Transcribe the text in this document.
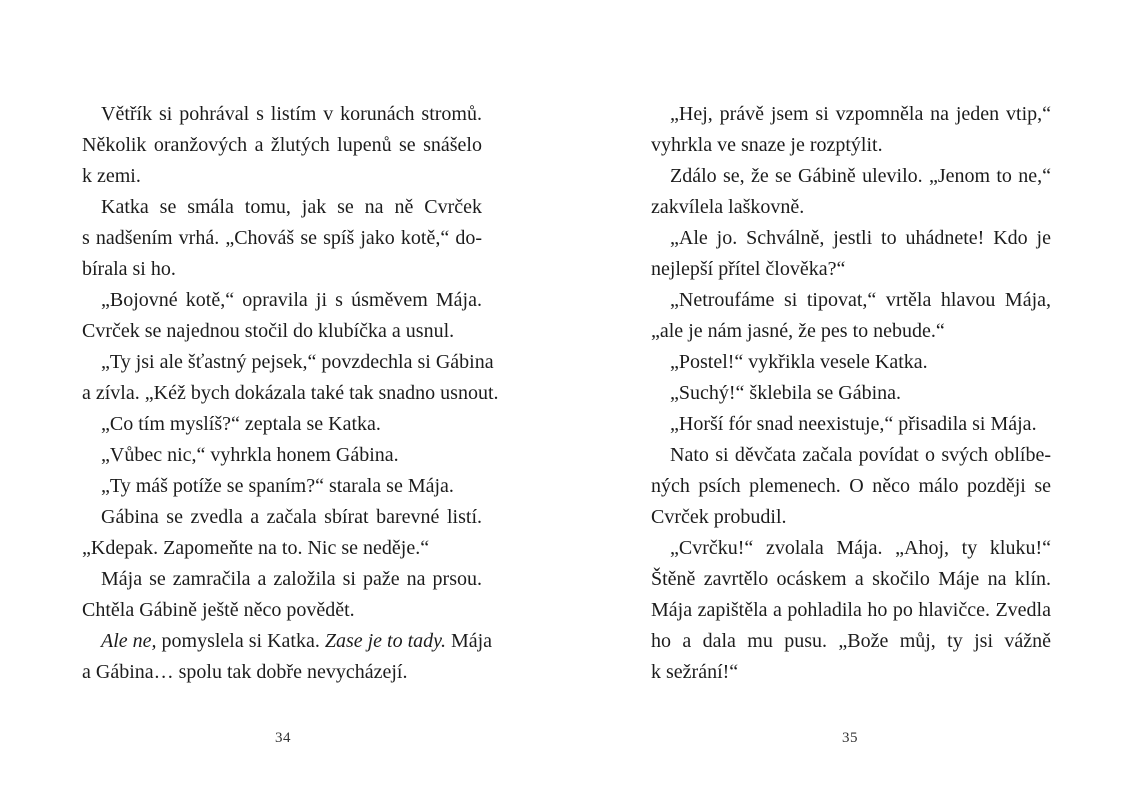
Větřík si pohrával s listím v korunách stromů.
Několik oranžových a žlutých lupenů se snášelo
k zemi.
Katka se smála tomu, jak se na ně Cvrček
s nadšením vrhá. „Chováš se spíš jako kotě,“ do-
bírala si ho.
„Bojovné kotě,“ opravila ji s úsměvem Mája.
Cvrček se najednou stočil do klubíčka a usnul.
„Ty jsi ale šťastný pejsek,“ povzdechla si Gábina
a zívla. „Kéž bych dokázala také tak snadno usnout.
„Co tím myslíš?“ zeptala se Katka.
„Vůbec nic,“ vyhrkla honem Gábina.
„Ty máš potíže se spaním?“ starala se Mája.
Gábina se zvedla a začala sbírat barevné listí.
„Kdepak. Zapomeňte na to. Nic se neděje.“
Mája se zamračila a založila si paže na prsou.
Chtěla Gábině ještě něco povědět.
Ale ne, pomyslela si Katka. Zase je to tady. Mája
a Gábina… spolu tak dobře nevycházejí.
34
„Hej, právě jsem si vzpomněla na jeden vtip,“
vyhrkla ve snaze je rozptýlit.
Zdálo se, že se Gábině ulevilo. „Jenom to ne,“
zakvílela laškovně.
„Ale jo. Schválně, jestli to uhádnete! Kdo je
nejlepší přítel člověka?“
„Netroufáme si tipovat,“ vrtěla hlavou Mája,
„ale je nám jasné, že pes to nebude.“
„Postel!“ vykřikla vesele Katka.
„Suchý!“ šklebila se Gábina.
„Horší fór snad neexistuje,“ přisadila si Mája.
Nato si děvčata začala povídat o svých oblíbe-
ných psích plemenech. O něco málo později se
Cvrček probudil.
„Cvrčku!“ zvolala Mája. „Ahoj, ty kluku!“
Štěně zavrtělo ocáskem a skočilo Máje na klín.
Mája zapištěla a pohladila ho po hlavičce. Zvedla
ho a dala mu pusu. „Bože můj, ty jsi vážně
k sežrání!“
35
